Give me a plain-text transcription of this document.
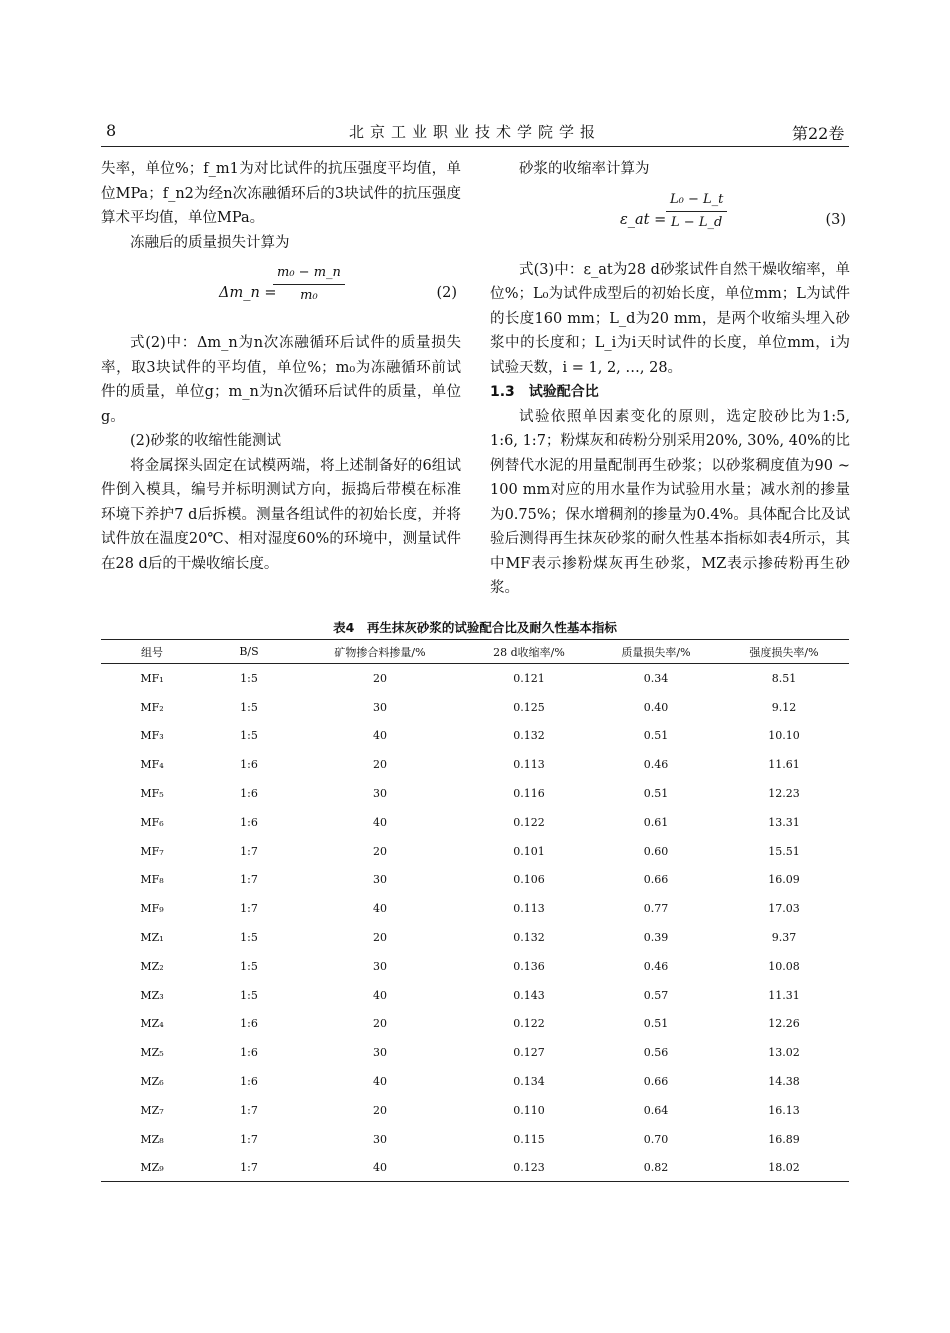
8	北京工业职业技术学院学报	第22卷

失率，单位%；f_m1为对比试件的抗压强度平均值，单位MPa；f_n2为经n次冻融循环后的3块试件的抗压强度算术平均值，单位MPa。

冻融后的质量损失计算为

Δm_n =
$\frac{\text{m₀ − m\_n}}{\text{m₀}}$	(2)

式(2)中：Δm_n为n次冻融循环后试件的质量损失率，取3块试件的平均值，单位%；m₀为冻融循环前试件的质量，单位g；m_n为n次循环后试件的质量，单位g。

(2)砂浆的收缩性能测试

将金属探头固定在试模两端，将上述制备好的6组试件倒入模具，编号并标明测试方向，振捣后带模在标准环境下养护7 d后拆模。测量各组试件的初始长度，并将试件放在温度20℃、相对湿度60%的环境中，测量试件在28 d后的干燥收缩长度。

砂浆的收缩率计算为

ε_at = $\frac{\text{L₀ − L\_t}}{L - L\_d}$	(3)

式(3)中：ε_at为28 d砂浆试件自然干燥收缩率，单位%；L₀为试件成型后的初始长度，单位mm；L为试件的长度160 mm；L_d为20 mm，是两个收缩头埋入砂浆中的长度和；L_i为i天时试件的长度，单位mm，i为试验天数，i = 1, 2, …, 28。

1.3　试验配合比

试验依照单因素变化的原则，选定胶砂比为1:5, 1:6, 1:7；粉煤灰和砖粉分别采用20%, 30%, 40%的比例替代水泥的用量配制再生砂浆；以砂浆稠度值为90 ~ 100 mm对应的用水量作为试验用水量；减水剂的掺量为0.75%；保水增稠剂的掺量为0.4%。具体配合比及试验后测得再生抹灰砂浆的耐久性基本指标如表4所示，其中MF表示掺粉煤灰再生砂浆，MZ表示掺砖粉再生砂浆。

表4　再生抹灰砂浆的试验配合比及耐久性基本指标
组号	B/S	矿物掺合料掺量/%	28 d收缩率/%	质量损失率/%	强度损失率/%
MF₁	1:5	20	0.121	0.34	8.51
MF₂	1:5	30	0.125	0.40	9.12
MF₃	1:5	40	0.132	0.51	10.10
MF₄	1:6	20	0.113	0.46	11.61
MF₅	1:6	30	0.116	0.51	12.23
MF₆	1:6	40	0.122	0.61	13.31
MF₇	1:7	20	0.101	0.60	15.51
MF₈	1:7	30	0.106	0.66	16.09
MF₉	1:7	40	0.113	0.77	17.03
MZ₁	1:5	20	0.132	0.39	9.37
MZ₂	1:5	30	0.136	0.46	10.08
MZ₃	1:5	40	0.143	0.57	11.31
MZ₄	1:6	20	0.122	0.51	12.26
MZ₅	1:6	30	0.127	0.56	13.02
MZ₆	1:6	40	0.134	0.66	14.38
MZ₇	1:7	20	0.110	0.64	16.13
MZ₈	1:7	30	0.115	0.70	16.89
MZ₉	1:7	40	0.123	0.82	18.02
